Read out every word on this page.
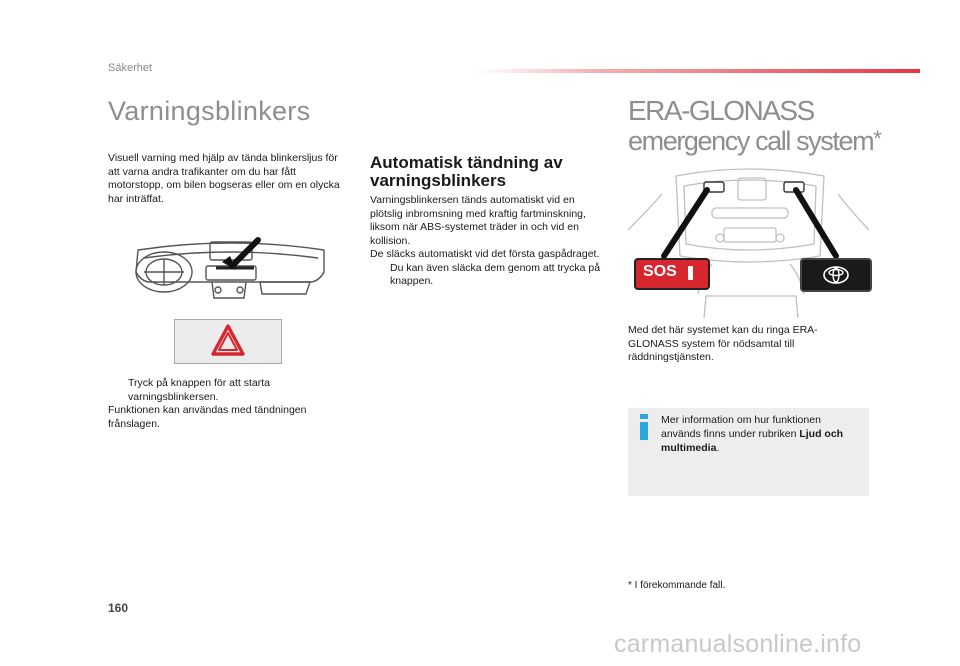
Säkerhet
Varningsblinkers
Visuell varning med hjälp av tända blinkersljus för att varna andra trafikanter om du har fått motorstopp, om bilen bogseras eller om en olycka har inträffat.
Tryck på knappen för att starta varningsblinkersen.
Funktionen kan användas med tändningen frånslagen.
Automatisk tändning av varningsblinkers
Varningsblinkersen tänds automatiskt vid en plötslig inbromsning med kraftig fartminskning, liksom när ABS-systemet träder in och vid en kollision.
De släcks automatiskt vid det första gaspådraget.
Du kan även släcka dem genom att trycka på knappen.
ERA-GLONASS
emergency call system*
SOS
Med det här systemet kan du ringa ERA-GLONASS system för nödsamtal till räddningstjänsten.
Mer information om hur funktionen används finns under rubriken Ljud och multimedia.
* I förekommande fall.
160
carmanualsonline.info
